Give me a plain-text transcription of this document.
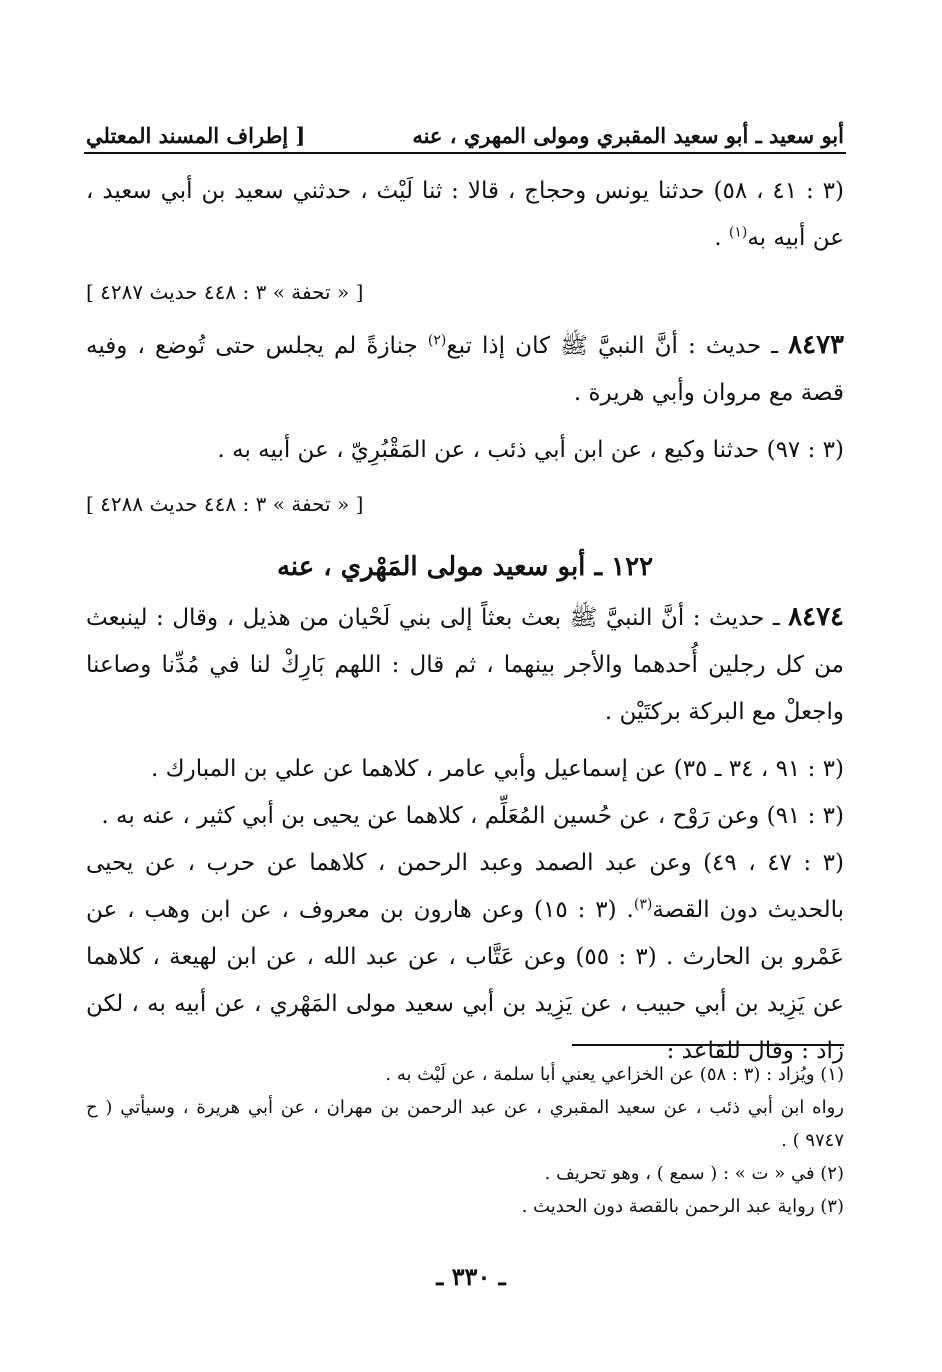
أبو سعيد ـ أبو سعيد المقبري ومولى المهري ، عنه
[ إطراف المسند المعتلي

(٣ : ٤١ ، ٥٨) حدثنا يونس وحجاج ، قالا : ثنا لَيْث ، حدثني سعيد بن أبي سعيد ، عن أبيه به$^{(١)}$ .

[ « تحفة » ٣ : ٤٤٨ حديث ٤٢٨٧ ]

٨٤٧٣ ـ حديث : أنَّ النبيَّ ﷺ كان إذا تبع$^{(٢)}$ جنازةً لم يجلس حتى تُوضع ، وفيه قصة مع مروان وأبي هريرة .

(٣ : ٩٧) حدثنا وكيع ، عن ابن أبي ذئب ، عن المَقْبُرِيّ ، عن أبيه به .

[ « تحفة » ٣ : ٤٤٨ حديث ٤٢٨٨ ]
١٢٢ ـ أبو سعيد مولى المَهْري ، عنه

٨٤٧٤ ـ حديث : أنَّ النبيَّ ﷺ بعث بعثاً إلى بني لَحْيان من هذيل ، وقال : لينبعث من كل رجلين أُحدهما والأجر بينهما ، ثم قال : اللهم بَارِكْ لنا في مُدِّنا وصاعنا واجعلْ مع البركة بركتَيْن .

(٣ : ٩١ ، ٣٤ ـ ٣٥) عن إسماعيل وأبي عامر ، كلاهما عن علي بن المبارك .

(٣ : ٩١) وعن رَوْح ، عن حُسين المُعَلِّم ، كلاهما عن يحيى بن أبي كثير ، عنه به .

(٣ : ٤٧ ، ٤٩) وعن عبد الصمد وعبد الرحمن ، كلاهما عن حرب ، عن يحيى بالحديث دون القصة$^{(٣)}$. (٣ : ١٥) وعن هارون بن معروف ، عن ابن وهب ، عن عَمْرو بن الحارث . (٣ : ٥٥) وعن عَتَّاب ، عن عبد الله ، عن ابن لهيعة ، كلاهما عن يَزِيد بن أبي حبيب ، عن يَزِيد بن أبي سعيد مولى المَهْري ، عن أبيه به ، لكن زاد : وقال للقاعد :

(١) ويُزاد : (٣ : ٥٨) عن الخزاعي يعني أبا سلمة ، عن لَيْث به .

رواه ابن أبي ذئب ، عن سعيد المقبري ، عن عبد الرحمن بن مهران ، عن أبي هريرة ، وسيأتي ( ح ٩٧٤٧ ) .

(٢) في « ت » : ( سمع ) ، وهو تحريف .

(٣) رواية عبد الرحمن بالقصة دون الحديث .

ـ ٣٣٠ ـ
